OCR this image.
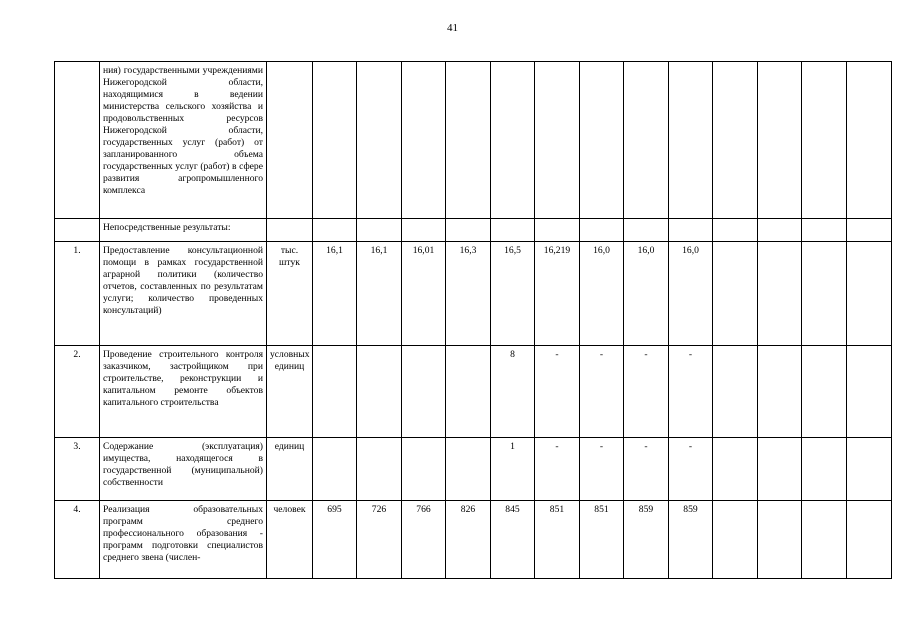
41
	ния) государственными учреждениями Нижегородской области, находящимися в ведении министерства сельского хозяйства и продовольственных ресурсов Нижегородской области, государственных услуг (работ) от запланированного объема государственных услуг (работ) в сфере развития агропромышленного комплекса														
	Непосредственные результаты:														
1.	Предоставление консультационной помощи в рамках государственной аграрной политики (количество отчетов, составленных по результатам услуги; количество проведенных консультаций)	тыс. штук	16,1	16,1	16,01	16,3	16,5	16,219	16,0	16,0	16,0				
2.	Проведение строительного контроля заказчиком, застройщиком при строительстве, реконструкции и капитальном ремонте объектов капитального строительства	условных единиц					8	-	-	-	-				
3.	Содержание (эксплуатация) имущества, находящегося в государственной (муниципальной) собственности	единиц					1	-	-	-	-				
4.	Реализация образовательных программ среднего профессионального образования - программ подготовки специалистов среднего звена (числен-	человек	695	726	766	826	845	851	851	859	859				
